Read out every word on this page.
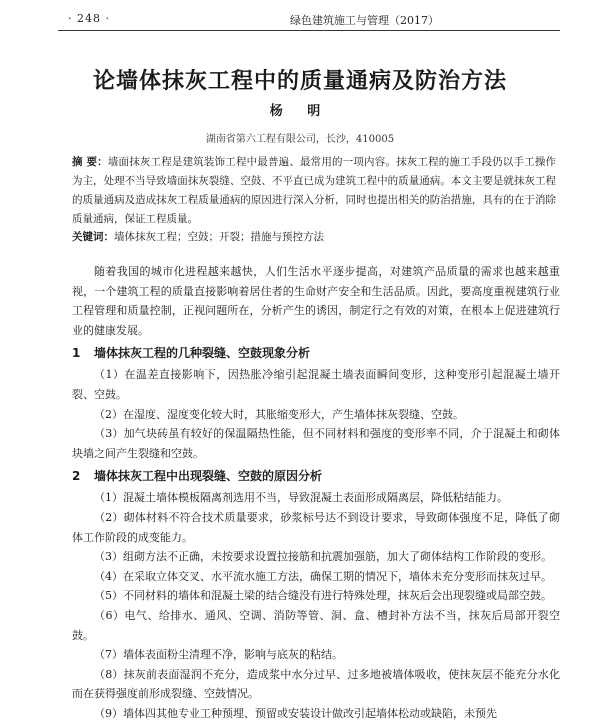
· 248 ·	绿色建筑施工与管理（2017）
论墙体抹灰工程中的质量通病及防治方法
杨 明
湖南省第六工程有限公司，长沙，410005
摘 要：墙面抹灰工程是建筑装饰工程中最普遍、最常用的一项内容。抹灰工程的施工手段仍以手工操作为主，处理不当导致墙面抹灰裂缝、空鼓、不平直已成为建筑工程中的质量通病。本文主要是就抹灰工程的质量通病及造成抹灰工程质量通病的原因进行深入分析，同时也提出相关的防治措施，具有的在于消除质量通病，保证工程质量。
关键词：墙体抹灰工程；空鼓；开裂；措施与预控方法

随着我国的城市化进程越来越快，人们生活水平逐步提高，对建筑产品质量的需求也越来越重视，一个建筑工程的质量直接影响着居住者的生命财产安全和生活品质。因此，要高度重视建筑行业工程管理和质量控制，正视问题所在，分析产生的诱因，制定行之有效的对策，在根本上促进建筑行业的健康发展。

1 墙体抹灰工程的几种裂缝、空鼓现象分析

（1）在温差直接影响下，因热胀冷缩引起混凝土墙表面瞬间变形，这种变形引起混凝土墙开裂、空鼓。

（2）在湿度、湿度变化较大时，其胀缩变形大，产生墙体抹灰裂缝、空鼓。

（3）加气块砖虽有较好的保温隔热性能，但不同材料和强度的变形率不同，介于混凝土和砌体块墙之间产生裂缝和空鼓。

2 墙体抹灰工程中出现裂缝、空鼓的原因分析

（1）混凝土墙体模板隔离剂选用不当，导致混凝土表面形成隔离层，降低粘结能力。

（2）砌体材料不符合技术质量要求，砂浆标号达不到设计要求，导致砌体强度不足，降低了砌体工作阶段的成变能力。

（3）组砌方法不正确，未按要求设置拉接筋和抗震加强筋，加大了砌体结构工作阶段的变形。

（4）在采取立体交叉、水平流水施工方法，确保工期的情况下，墙体未充分变形而抹灰过早。

（5）不同材料的墙体和混凝土梁的结合缝没有进行特殊处理，抹灰后会出现裂缝或局部空鼓。

（6）电气、给排水、通风、空调、消防等管、洞、盒、槽封补方法不当，抹灰后局部开裂空鼓。

（7）墙体表面粉尘清理不净，影响与底灰的粘结。

（8）抹灰前表面湿润不充分，造成浆中水分过早、过多地被墙体吸收，使抹灰层不能充分水化而在获得强度前形成裂缝、空鼓情况。

（9）墙体四其他专业工种预埋、预留或安装设计做改引起墙体松动或缺陷，未预先
